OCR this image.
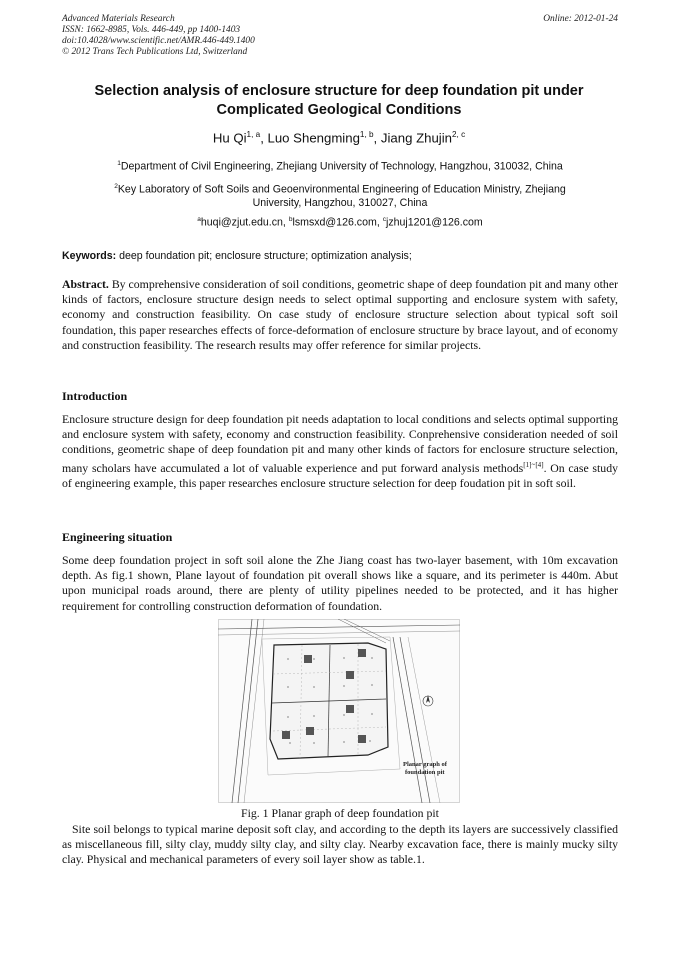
Advanced Materials Research
ISSN: 1662-8985, Vols. 446-449, pp 1400-1403
doi:10.4028/www.scientific.net/AMR.446-449.1400
© 2012 Trans Tech Publications Ltd, Switzerland
Online: 2012-01-24
Selection analysis of enclosure structure for deep foundation pit under
Complicated Geological Conditions
Hu Qi$^{1, a}$, Luo Shengming$^{1, b}$, Jiang Zhujin$^{2, c}$
$^1$Department of Civil Engineering, Zhejiang University of Technology, Hangzhou, 310032, China
$^2$Key Laboratory of Soft Soils and Geoenvironmental Engineering of Education Ministry, Zhejiang
University, Hangzhou, 310027, China
$^a$huqi@zjut.edu.cn, $^b$lsmsxd@126.com, $^c$jzhuj1201@126.com
Keywords: deep foundation pit; enclosure structure; optimization analysis;
Abstract. By comprehensive consideration of soil conditions, geometric shape of deep foundation pit and many other kinds of factors, enclosure structure design needs to select optimal supporting and enclosure system with safety, economy and construction feasibility. On case study of enclosure structure selection about typical soft soil foundation, this paper researches effects of force-deformation of enclosure structure by brace layout, and of economy and construction feasibility. The research results may offer reference for similar projects.
Introduction
Enclosure structure design for deep foundation pit needs adaptation to local conditions and selects optimal supporting and enclosure system with safety, economy and construction feasibility. Conprehensive consideration needed of soil conditions, geometric shape of deep foundation pit and many other kinds of factors for enclosure structure selection, many scholars have accumulated a lot of valuable experience and put forward analysis methods[1]~[4]. On case study of engineering example, this paper researches enclosure structure selection for deep foudation pit in soft soil.
Engineering situation
Some deep foundation project in soft soil alone the Zhe Jiang coast has two-layer basement, with 10m excavation depth. As fig.1 shown, Plane layout of foundation pit overall shows like a square, and its perimeter is 440m. Abut upon municipal roads around, there are plenty of utility pipelines needed to be protected, and it has higher requirement for controlling construction deformation of foundation.
Planar graph of
foundation pit
Fig. 1 Planar graph of deep foundation pit
Site soil belongs to typical marine deposit soft clay, and according to the depth its layers are successively classified as miscellaneous fill, silty clay, muddy silty clay, and silty clay. Nearby excavation face, there is mainly mucky silty clay. Physical and mechanical parameters of every soil layer show as table.1.
